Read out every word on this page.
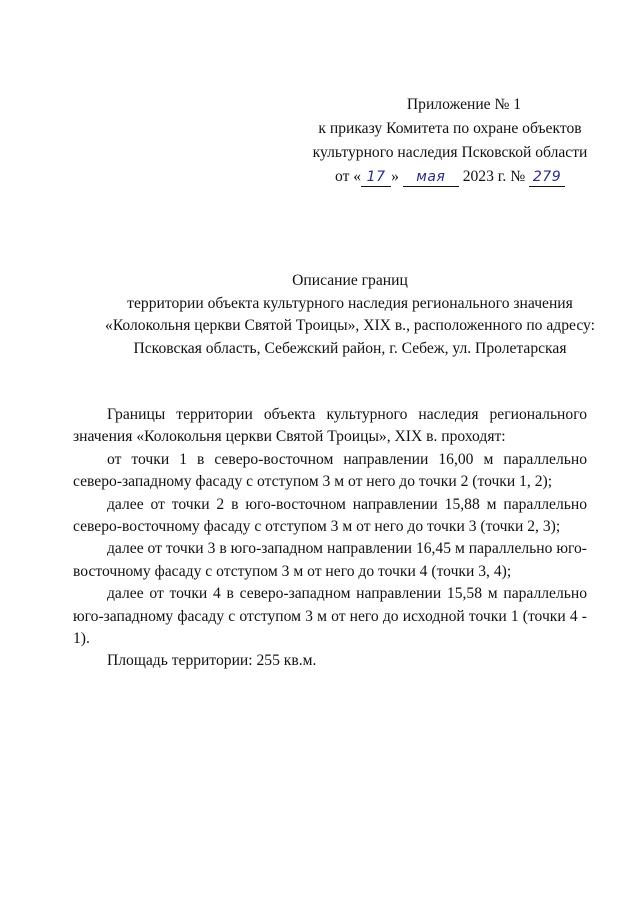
Приложение № 1
к приказу Комитета по охране объектов
культурного наследия Псковской области
от « 17 » мая 2023 г. № 279
Описание границ
территории объекта культурного наследия регионального значения
«Колокольня церкви Святой Троицы», XIX в., расположенного по адресу:
Псковская область, Себежский район, г. Себеж, ул. Пролетарская

Границы территории объекта культурного наследия регионального значения «Колокольня церкви Святой Троицы», XIX в. проходят:

от точки 1 в северо-восточном направлении 16,00 м параллельно северо-западному фасаду с отступом 3 м от него до точки 2 (точки 1, 2);

далее от точки 2 в юго-восточном направлении 15,88 м параллельно северо-восточному фасаду с отступом 3 м от него до точки 3 (точки 2, 3);

далее от точки 3 в юго-западном направлении 16,45 м параллельно юго-восточному фасаду с отступом 3 м от него до точки 4 (точки 3, 4);

далее от точки 4 в северо-западном направлении 15,58 м параллельно юго-западному фасаду с отступом 3 м от него до исходной точки 1 (точки 4 - 1).

Площадь территории: 255 кв.м.
